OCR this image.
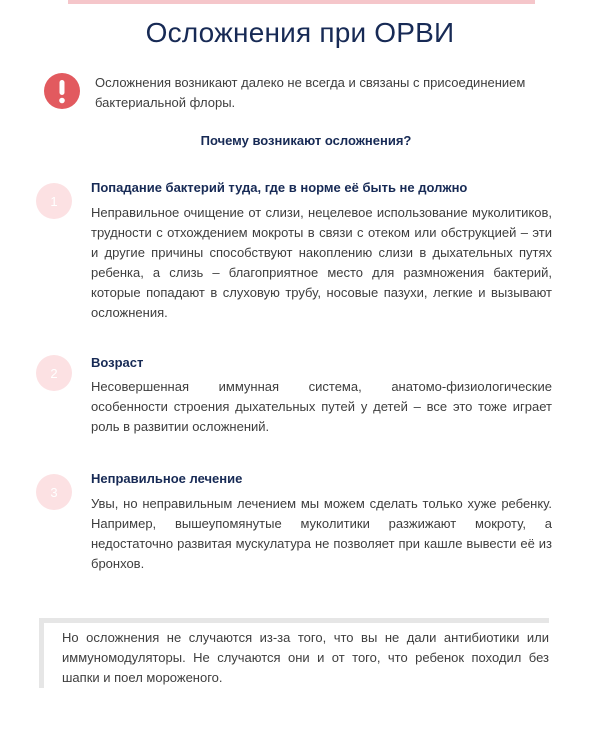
Осложнения при ОРВИ
Осложнения возникают далеко не всегда и связаны с присоединением бактериальной флоры.
Почему возникают осложнения?
1
Попадание бактерий туда, где в норме её быть не должно
Неправильное очищение от слизи, нецелевое использование муколитиков, трудности с отхождением мокроты в связи с отеком или обструкцией – эти и другие причины способствуют накоплению слизи в дыхательных путях ребенка, а слизь – благоприятное место для размножения бактерий, которые попадают в слуховую трубу, носовые пазухи, легкие и вызывают осложнения.
2
Возраст
Несовершенная иммунная система, анатомо-физиологические особенности строения дыхательных путей у детей – все это тоже играет роль в развитии осложнений.
3
Неправильное лечение
Увы, но неправильным лечением мы можем сделать только хуже ребенку. Например, вышеупомянутые муколитики разжижают мокроту, а недостаточно развитая мускулатура не позволяет при кашле вывести её из бронхов.
Но осложнения не случаются из-за того, что вы не дали антибиотики или иммуномодуляторы. Не случаются они и от того, что ребенок походил без шапки и поел мороженого.
